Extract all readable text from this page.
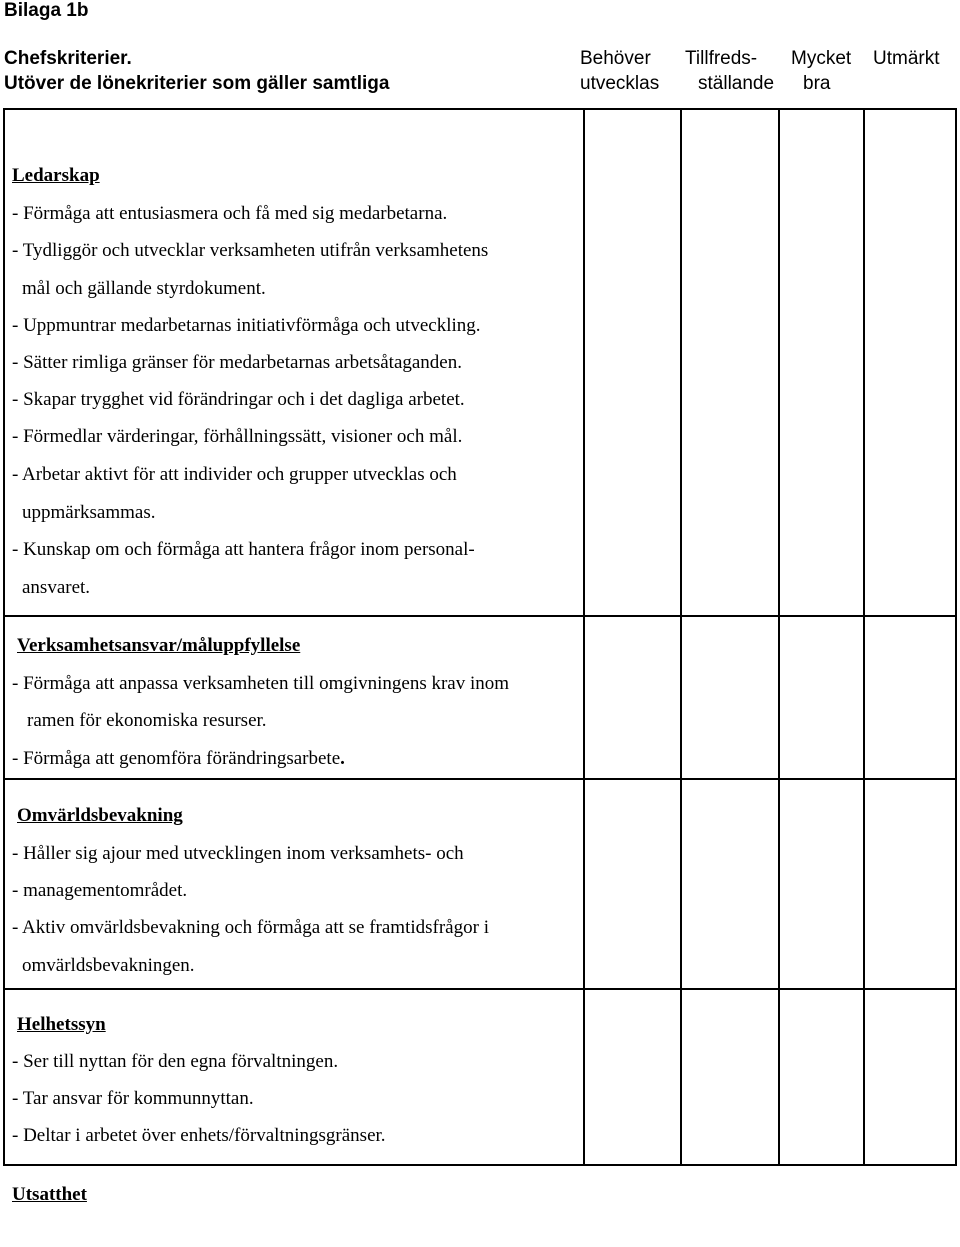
Bilaga 1b
Chefskriterier.
Utöver de lönekriterier som gäller samtliga
Behöver
utvecklas
Tillfreds-
ställande
Mycket
bra
Utmärkt
Ledarskap
- Förmåga att entusiasmera och få med sig medarbetarna.
- Tydliggör och utvecklar verksamheten utifrån verksamhetens
mål och gällande styrdokument.
- Uppmuntrar medarbetarnas initiativförmåga och utveckling.
- Sätter rimliga gränser för medarbetarnas arbetsåtaganden.
- Skapar trygghet vid förändringar och i det dagliga arbetet.
- Förmedlar värderingar, förhållningssätt, visioner och mål.
- Arbetar aktivt för att individer och grupper utvecklas och
uppmärksammas.
- Kunskap om och förmåga att hantera frågor inom personal-
ansvaret.
Verksamhetsansvar/måluppfyllelse
- Förmåga att anpassa verksamheten till omgivningens krav inom
ramen för ekonomiska resurser.
- Förmåga att genomföra förändringsarbete.
Omvärldsbevakning
- Håller sig ajour med utvecklingen inom verksamhets- och
- managementområdet.
- Aktiv omvärldsbevakning och förmåga att se framtidsfrågor i
omvärldsbevakningen.
Helhetssyn
- Ser till nyttan för den egna förvaltningen.
- Tar ansvar för kommunnyttan.
- Deltar i arbetet över enhets/förvaltningsgränser.
Utsatthet
